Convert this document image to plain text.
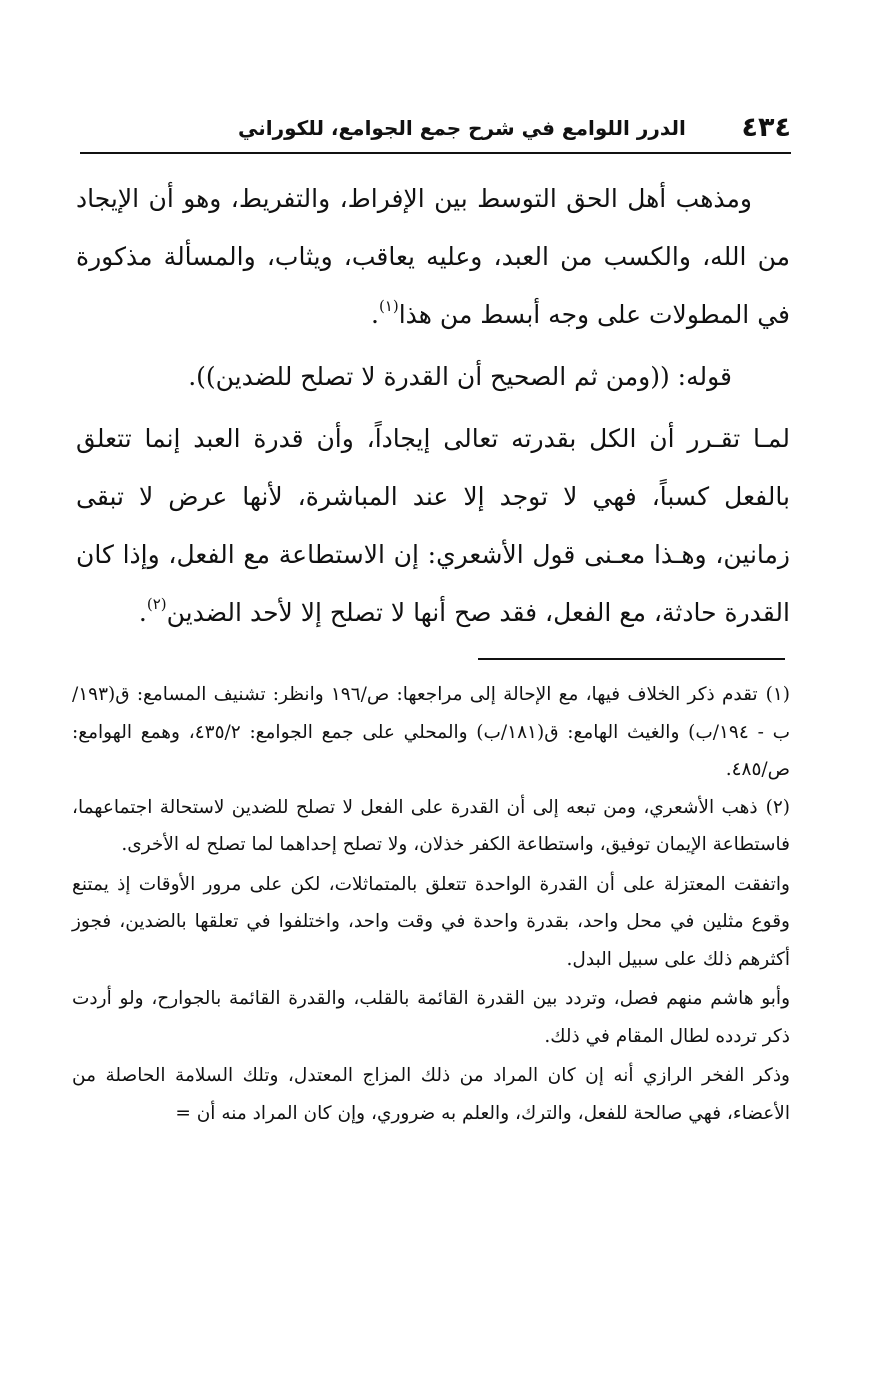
٤٣٤
الدرر اللوامع في شرح جمع الجوامع، للكوراني

ومذهب أهل الحق التوسط بين الإفراط، والتفريط، وهو أن الإيجاد من الله، والكسب من العبد، وعليه يعاقب، ويثاب، والمسألة مذكورة في المطولات على وجه أبسط من هذا$^{(١)}$.

قوله: ((ومن ثم الصحيح أن القدرة لا تصلح للضدين)).

لمـا تقـرر أن الكل بقدرته تعالى إيجاداً، وأن قدرة العبد إنما تتعلق بالفعل كسباً، فهي لا توجد إلا عند المباشرة، لأنها عرض لا تبقى زمانين، وهـذا معـنى قول الأشعري: إن الاستطاعة مع الفعل، وإذا كان القدرة حادثة، مع الفعل، فقد صح أنها لا تصلح إلا لأحد الضدين$^{(٢)}$.

(١)تقدم ذكر الخلاف فيها، مع الإحالة إلى مراجعها: ص/١٩٦ وانظر: تشنيف المسامع: ق(١٩٣/ب - ١٩٤/ب) والغيث الهامع: ق(١٨١/ب) والمحلي على جمع الجوامع: ٤٣٥/٢، وهمع الهوامع: ص/٤٨٥.

(٢)ذهب الأشعري، ومن تبعه إلى أن القدرة على الفعل لا تصلح للضدين لاستحالة اجتماعهما، فاستطاعة الإيمان توفيق، واستطاعة الكفر خذلان، ولا تصلح إحداهما لما تصلح له الأخرى.

واتفقت المعتزلة على أن القدرة الواحدة تتعلق بالمتماثلات، لكن على مرور الأوقات إذ يمتنع وقوع مثلين في محل واحد، بقدرة واحدة في وقت واحد، واختلفوا في تعلقها بالضدين، فجوز أكثرهم ذلك على سبيل البدل.

وأبو هاشم منهم فصل، وتردد بين القدرة القائمة بالقلب، والقدرة القائمة بالجوارح، ولو أردت ذكر تردده لطال المقام في ذلك.

وذكر الفخر الرازي أنه إن كان المراد من ذلك المزاج المعتدل، وتلك السلامة الحاصلة من الأعضاء، فهي صالحة للفعل، والترك، والعلم به ضروري، وإن كان المراد منه أن =
